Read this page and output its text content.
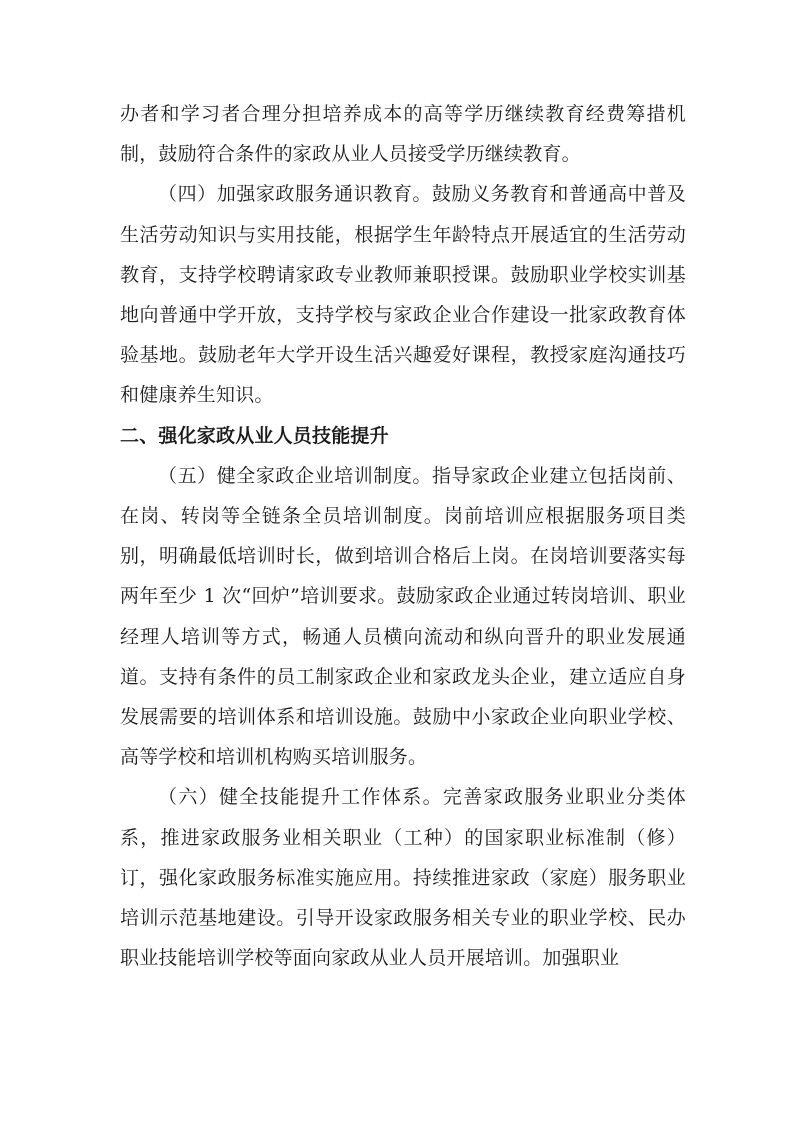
办者和学习者合理分担培养成本的高等学历继续教育经费筹措机制，鼓励符合条件的家政从业人员接受学历继续教育。

（四）加强家政服务通识教育。鼓励义务教育和普通高中普及生活劳动知识与实用技能，根据学生年龄特点开展适宜的生活劳动教育，支持学校聘请家政专业教师兼职授课。鼓励职业学校实训基地向普通中学开放，支持学校与家政企业合作建设一批家政教育体验基地。鼓励老年大学开设生活兴趣爱好课程，教授家庭沟通技巧和健康养生知识。

二、强化家政从业人员技能提升

（五）健全家政企业培训制度。指导家政企业建立包括岗前、在岗、转岗等全链条全员培训制度。岗前培训应根据服务项目类别，明确最低培训时长，做到培训合格后上岗。在岗培训要落实每两年至少 1 次“回炉”培训要求。鼓励家政企业通过转岗培训、职业经理人培训等方式，畅通人员横向流动和纵向晋升的职业发展通道。支持有条件的员工制家政企业和家政龙头企业，建立适应自身发展需要的培训体系和培训设施。鼓励中小家政企业向职业学校、高等学校和培训机构购买培训服务。

（六）健全技能提升工作体系。完善家政服务业职业分类体系，推进家政服务业相关职业（工种）的国家职业标准制（修）订，强化家政服务标准实施应用。持续推进家政（家庭）服务职业培训示范基地建设。引导开设家政服务相关专业的职业学校、民办职业技能培训学校等面向家政从业人员开展培训。加强职业
